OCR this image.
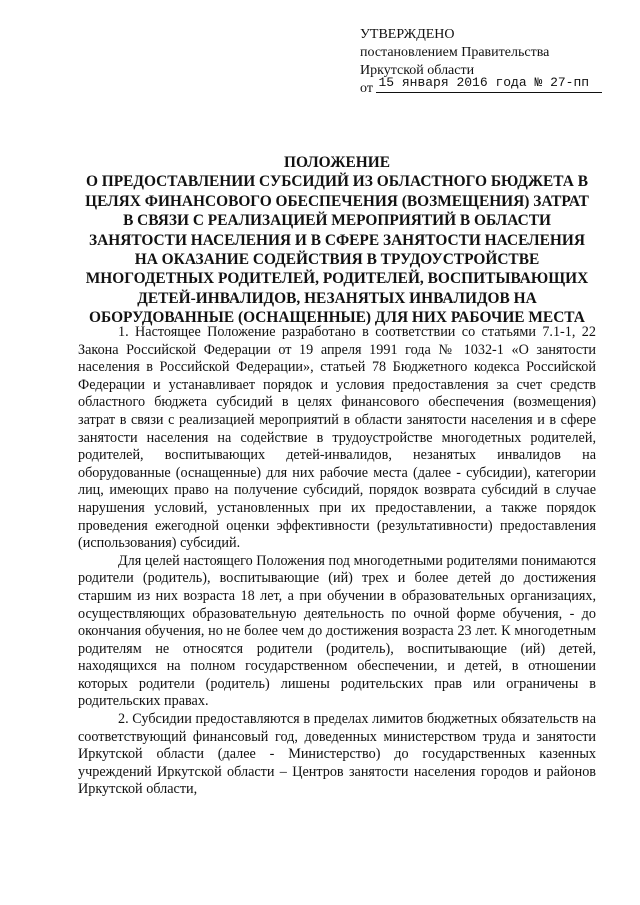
УТВЕРЖДЕНО
постановлением Правительства
Иркутской области
от 15 января 2016 года № 27-пп
ПОЛОЖЕНИЕ
О ПРЕДОСТАВЛЕНИИ СУБСИДИЙ ИЗ ОБЛАСТНОГО БЮДЖЕТА В
ЦЕЛЯХ ФИНАНСОВОГО ОБЕСПЕЧЕНИЯ (ВОЗМЕЩЕНИЯ) ЗАТРАТ
В СВЯЗИ С РЕАЛИЗАЦИЕЙ МЕРОПРИЯТИЙ В ОБЛАСТИ
ЗАНЯТОСТИ НАСЕЛЕНИЯ И В СФЕРЕ ЗАНЯТОСТИ НАСЕЛЕНИЯ
НА ОКАЗАНИЕ СОДЕЙСТВИЯ В ТРУДОУСТРОЙСТВЕ
МНОГОДЕТНЫХ РОДИТЕЛЕЙ, РОДИТЕЛЕЙ, ВОСПИТЫВАЮЩИХ
ДЕТЕЙ-ИНВАЛИДОВ, НЕЗАНЯТЫХ ИНВАЛИДОВ НА
ОБОРУДОВАННЫЕ (ОСНАЩЕННЫЕ) ДЛЯ НИХ РАБОЧИЕ МЕСТА

1. Настоящее Положение разработано в соответствии со статьями 7.1-1, 22 Закона Российской Федерации от 19 апреля 1991 года № 1032-1 «О занятости населения в Российской Федерации», статьей 78 Бюджетного кодекса Российской Федерации и устанавливает порядок и условия предоставления за счет средств областного бюджета субсидий в целях финансового обеспечения (возмещения) затрат в связи с реализацией мероприятий в области занятости населения и в сфере занятости населения на содействие в трудоустройстве многодетных родителей, родителей, воспитывающих детей-инвалидов, незанятых инвалидов на оборудованные (оснащенные) для них рабочие места (далее - субсидии), категории лиц, имеющих право на получение субсидий, порядок возврата субсидий в случае нарушения условий, установленных при их предоставлении, а также порядок проведения ежегодной оценки эффективности (результативности) предоставления (использования) субсидий.

Для целей настоящего Положения под многодетными родителями понимаются родители (родитель), воспитывающие (ий) трех и более детей до достижения старшим из них возраста 18 лет, а при обучении в образовательных организациях, осуществляющих образовательную деятельность по очной форме обучения, - до окончания обучения, но не более чем до достижения возраста 23 лет. К многодетным родителям не относятся родители (родитель), воспитывающие (ий) детей, находящихся на полном государственном обеспечении, и детей, в отношении которых родители (родитель) лишены родительских прав или ограничены в родительских правах.

2. Субсидии предоставляются в пределах лимитов бюджетных обязательств на соответствующий финансовый год, доведенных министерством труда и занятости Иркутской области (далее - Министерство) до государственных казенных учреждений Иркутской области – Центров занятости населения городов и районов Иркутской области,
